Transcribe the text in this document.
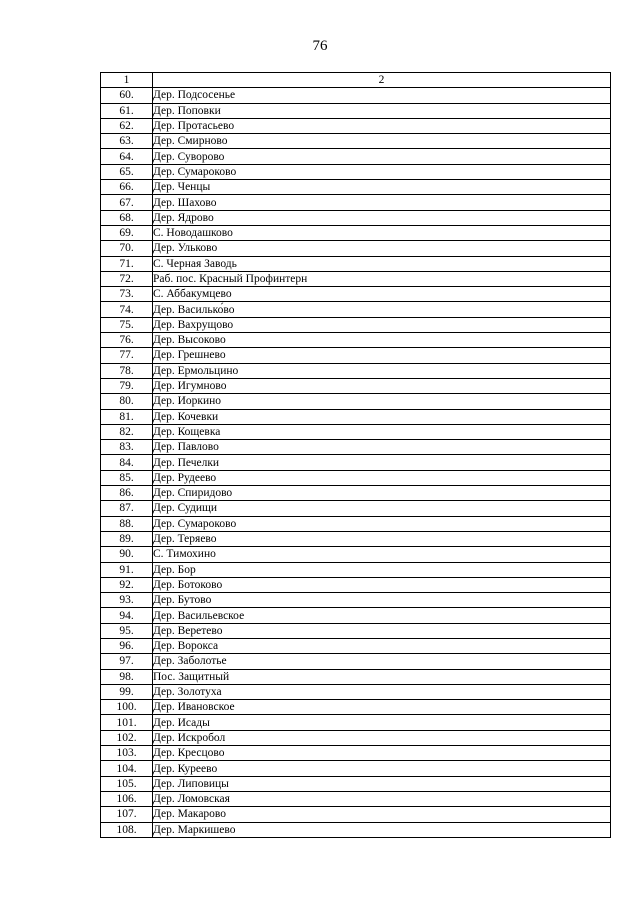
76
1	2
60.	Дер. Подсосенье
61.	Дер. Поповки
62.	Дер. Протасьево
63.	Дер. Смирново
64.	Дер. Суворово
65.	Дер. Сумароково
66.	Дер. Ченцы
67.	Дер. Шахово
68.	Дер. Ядрово
69.	С. Новодашково
70.	Дер. Ульково
71.	С. Черная Заводь
72.	Раб. пос. Красный Профинтерн
73.	С. Аббакумцево
74.	Дер. Василько́во
75.	Дер. Вахрущово
76.	Дер. Высоково
77.	Дер. Грешнево
78.	Дер. Ермольцино
79.	Дер. Игумново
80.	Дер. Иоркино
81.	Дер. Кочевки
82.	Дер. Кощевка
83.	Дер. Павлово
84.	Дер. Печелки
85.	Дер. Рудеево
86.	Дер. Спиридово
87.	Дер. Судищи
88.	Дер. Сумароково
89.	Дер. Теряево
90.	С. Тимохино
91.	Дер. Бор
92.	Дер. Ботоково
93.	Дер. Бутово
94.	Дер. Васильевское
95.	Дер. Веретево
96.	Дер. Ворокса
97.	Дер. Заболотье
98.	Пос. Защитный
99.	Дер. Золотуха
100.	Дер. Ивановское
101.	Дер. Исады
102.	Дер. Искробол
103.	Дер. Кресцово
104.	Дер. Куреево
105.	Дер. Липовицы
106.	Дер. Ломовская
107.	Дер. Макарово
108.	Дер. Маркишево
